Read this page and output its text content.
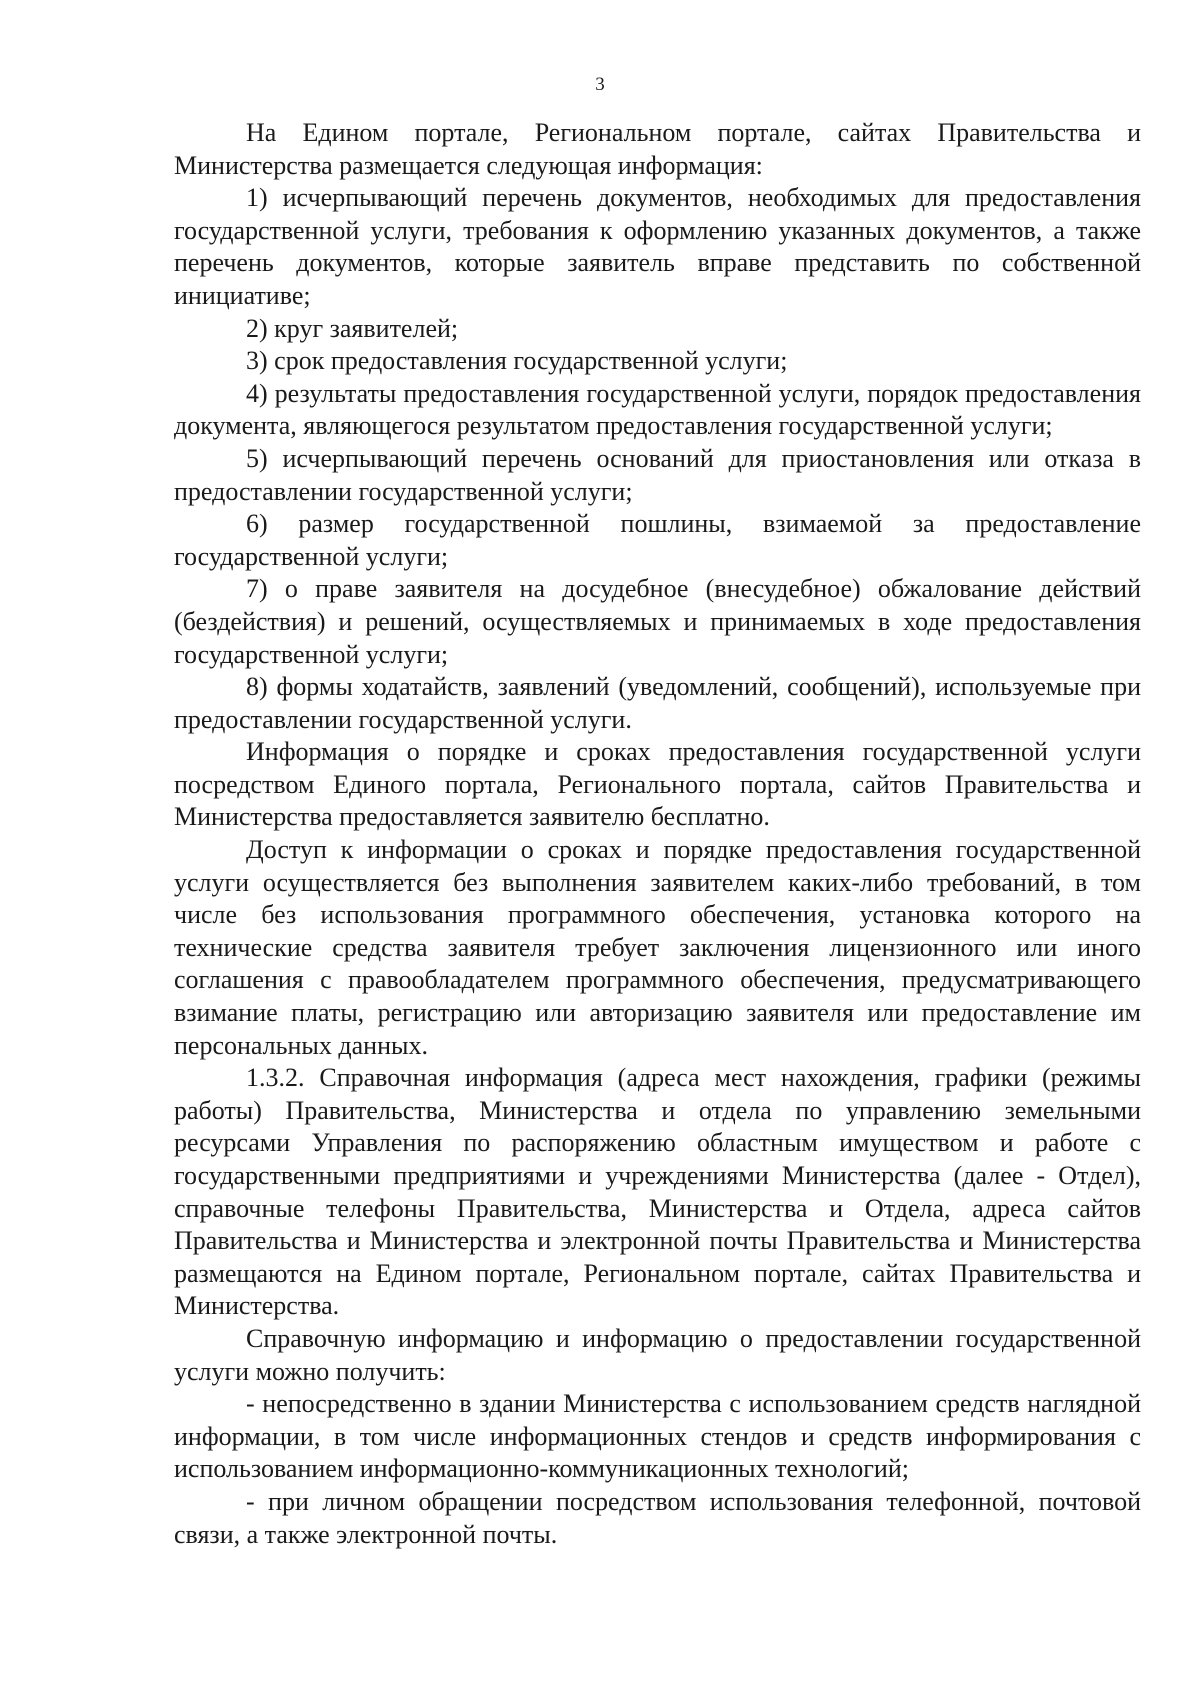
3

На Едином портале, Региональном портале, сайтах Правительства и Министерства размещается следующая информация:

1) исчерпывающий перечень документов, необходимых для предоставления государственной услуги, требования к оформлению указанных документов, а также перечень документов, которые заявитель вправе представить по собственной инициативе;

2) круг заявителей;

3) срок предоставления государственной услуги;

4) результаты предоставления государственной услуги, порядок предоставления документа, являющегося результатом предоставления государственной услуги;

5) исчерпывающий перечень оснований для приостановления или отказа в предоставлении государственной услуги;

6) размер государственной пошлины, взимаемой за предоставление государственной услуги;

7) о праве заявителя на досудебное (внесудебное) обжалование действий (бездействия) и решений, осуществляемых и принимаемых в ходе предоставления государственной услуги;

8) формы ходатайств, заявлений (уведомлений, сообщений), используемые при предоставлении государственной услуги.

Информация о порядке и сроках предоставления государственной услуги посредством Единого портала, Регионального портала, сайтов Правительства и Министерства предоставляется заявителю бесплатно.

Доступ к информации о сроках и порядке предоставления государственной услуги осуществляется без выполнения заявителем каких-либо требований, в том числе без использования программного обеспечения, установка которого на технические средства заявителя требует заключения лицензионного или иного соглашения с правообладателем программного обеспечения, предусматривающего взимание платы, регистрацию или авторизацию заявителя или предоставление им персональных данных.

1.3.2. Справочная информация (адреса мест нахождения, графики (режимы работы) Правительства, Министерства и отдела по управлению земельными ресурсами Управления по распоряжению областным имуществом и работе с государственными предприятиями и учреждениями Министерства (далее - Отдел), справочные телефоны Правительства, Министерства и Отдела, адреса сайтов Правительства и Министерства и электронной почты Правительства и Министерства размещаются на Едином портале, Региональном портале, сайтах Правительства и Министерства.

Справочную информацию и информацию о предоставлении государственной услуги можно получить:

- непосредственно в здании Министерства с использованием средств наглядной информации, в том числе информационных стендов и средств информирования с использованием информационно-коммуникационных технологий;

- при личном обращении посредством использования телефонной, почтовой связи, а также электронной почты.
